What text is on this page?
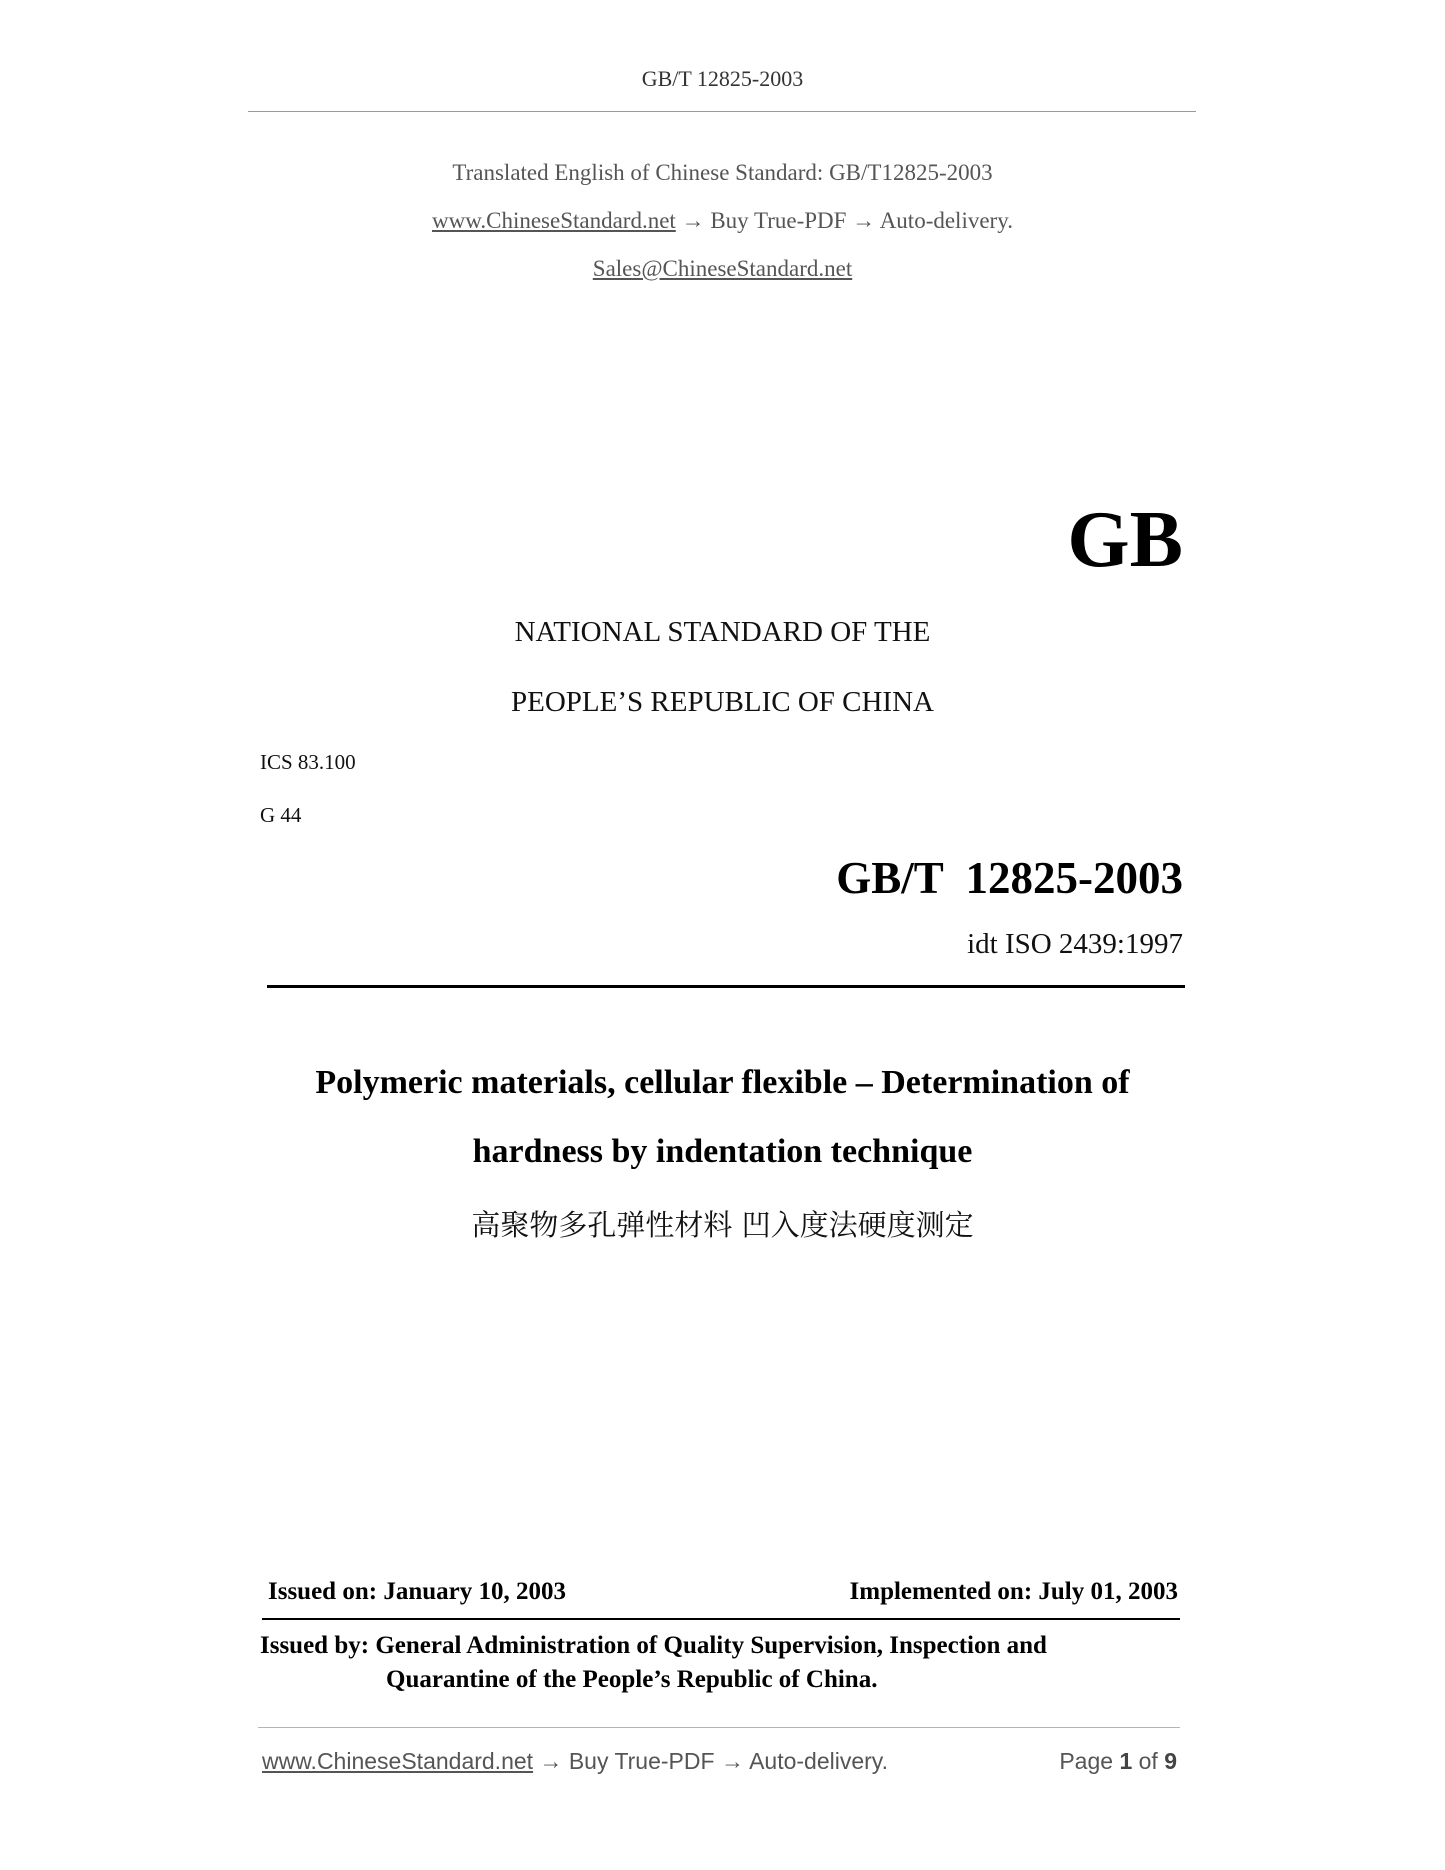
GB/T 12825-2003
Translated English of Chinese Standard: GB/T12825-2003
www.ChineseStandard.net → Buy True-PDF → Auto-delivery.
Sales@ChineseStandard.net
GB
NATIONAL STANDARD OF THE
PEOPLE’S REPUBLIC OF CHINA
ICS 83.100
G 44
GB/T  12825-2003
idt ISO 2439:1997
Polymeric materials, cellular flexible – Determination of
hardness by indentation technique
高聚物多孔弹性材料 凹入度法硬度测定
Issued on: January 10, 2003	Implemented on: July 01, 2003
Issued by: General Administration of Quality Supervision, Inspection and
Quarantine of the People’s Republic of China.
www.ChineseStandard.net → Buy True-PDF → Auto-delivery.	Page 1 of 9
